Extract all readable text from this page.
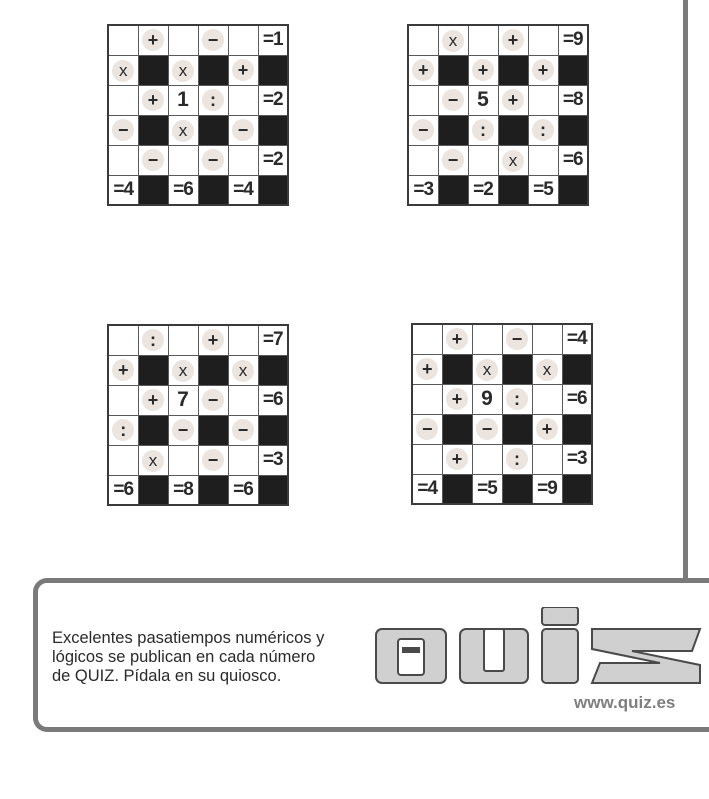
	+		−		=1
x		x		+	
	+	1	:		=2
−		x		−	
	−		−		=2
=4		=6		=4	
	x		+		=9
+		+		+	
	−	5	+		=8
−		:		:	
	−		x		=6
=3		=2		=5	
	:		+		=7
+		x		x	
	+	7	−		=6
:		−		−	
	x		−		=3
=6		=8		=6	
	+		−		=4
+		x		x	
	+	9	:		=6
−		−		+	
	+		:		=3
=4		=5		=9	
Excelentes pasatiempos numéricos y
lógicos se publican en cada número
de QUIZ. Pídala en su quiosco.
www.quiz.es
